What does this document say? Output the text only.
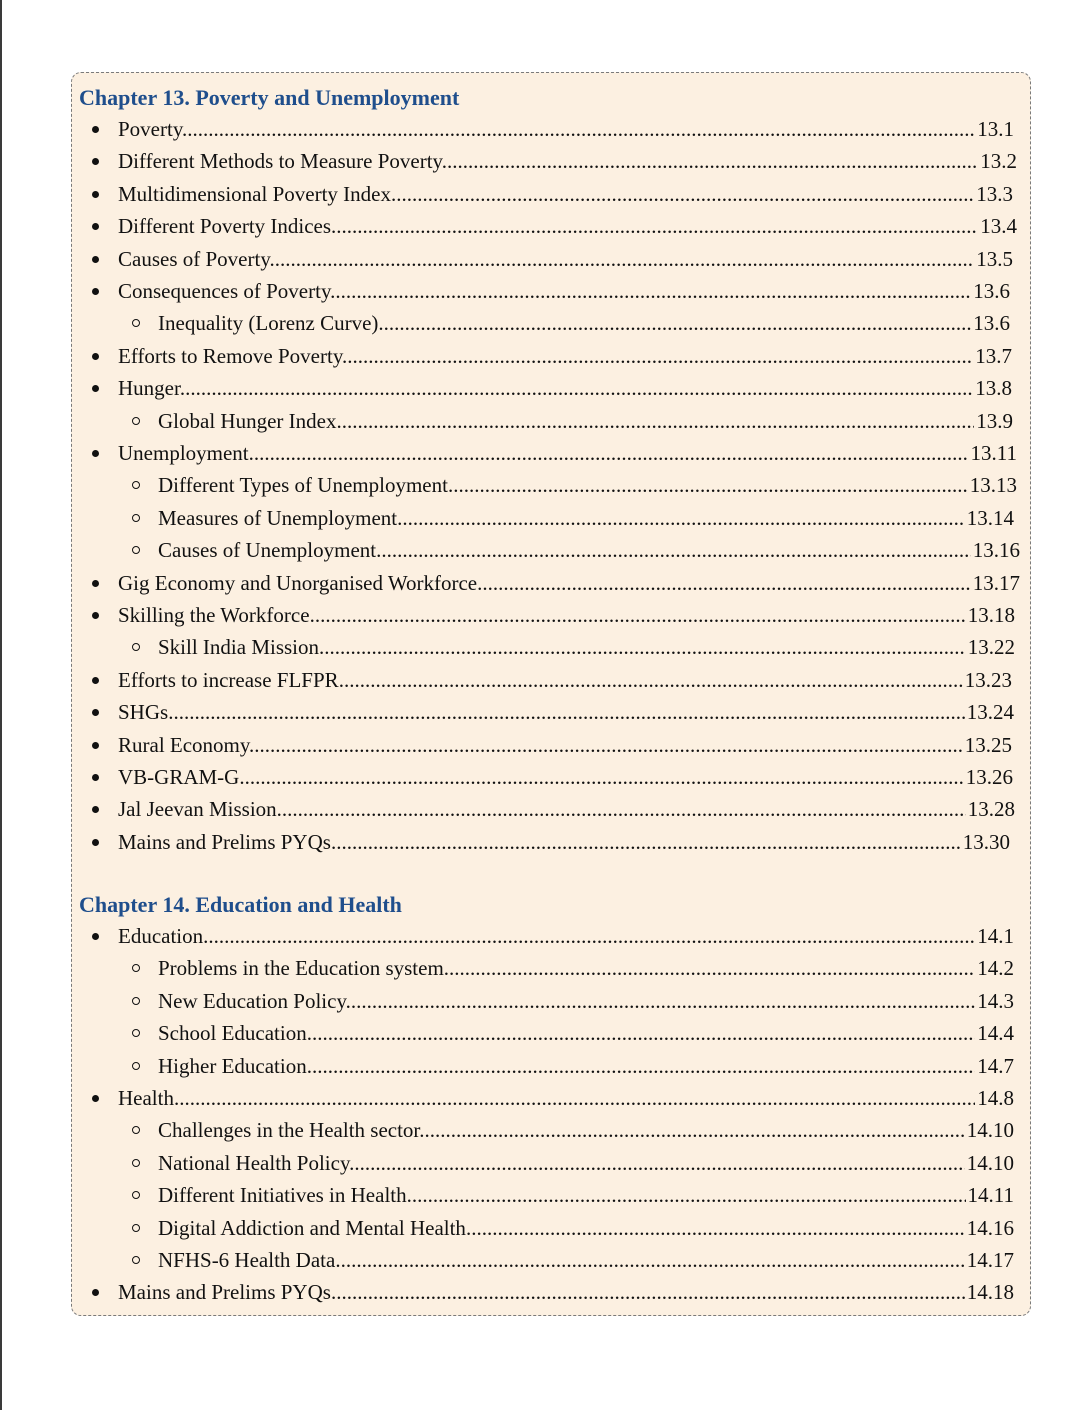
Chapter 13. Poverty and Unemployment
Poverty .....	13.1
Different Methods to Measure Poverty .....	13.2
Multidimensional Poverty Index .....	13.3
Different Poverty Indices .....	13.4
Causes of Poverty .....	13.5
Consequences of Poverty .....	13.6
Inequality (Lorenz Curve) .....	13.6
Efforts to Remove Poverty .....	13.7
Hunger .....	13.8
Global Hunger Index .....	13.9
Unemployment .....	13.11
Different Types of Unemployment .....	13.13
Measures of Unemployment .....	13.14
Causes of Unemployment .....	13.16
Gig Economy and Unorganised Workforce .....	13.17
Skilling the Workforce .....	13.18
Skill India Mission .....	13.22
Efforts to increase FLFPR .....	13.23
SHGs .....	13.24
Rural Economy .....	13.25
VB-GRAM-G .....	13.26
Jal Jeevan Mission .....	13.28
Mains and Prelims PYQs .....	13.30
Chapter 14. Education and Health
Education .....	14.1
Problems in the Education system .....	14.2
New Education Policy .....	14.3
School Education .....	14.4
Higher Education .....	14.7
Health .....	14.8
Challenges in the Health sector .....	14.10
National Health Policy .....	14.10
Different Initiatives in Health .....	14.11
Digital Addiction and Mental Health .....	14.16
NFHS-6 Health Data .....	14.17
Mains and Prelims PYQs .....	14.18
